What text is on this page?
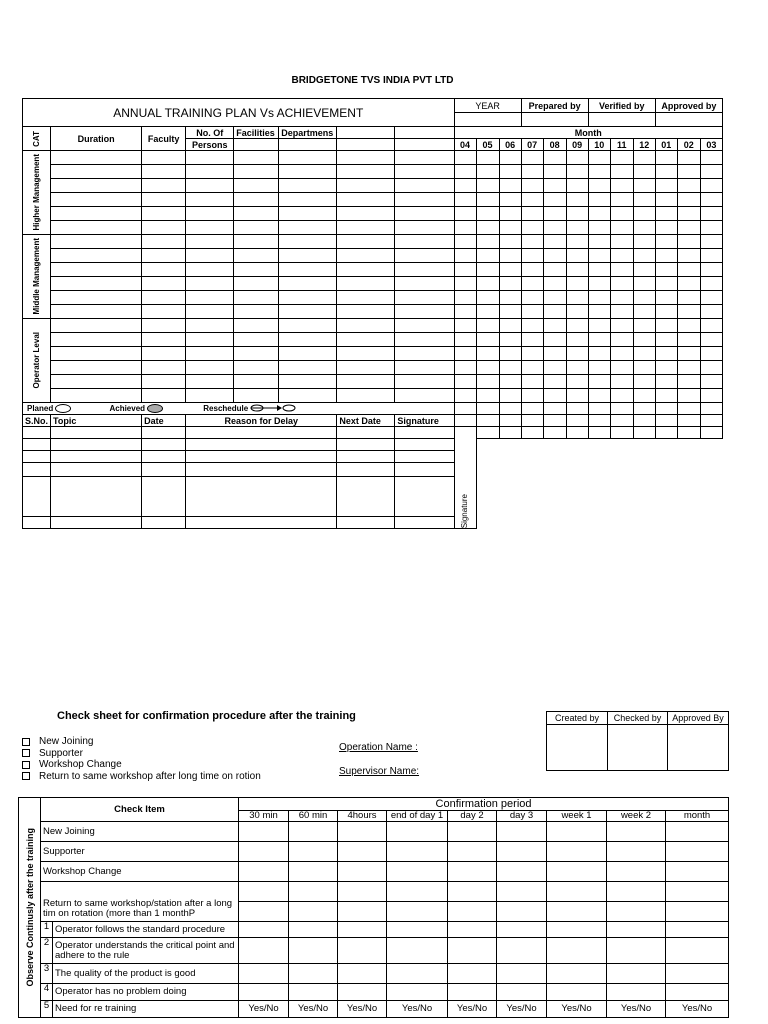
BRIDGETONE TVS INDIA PVT LTD
ANNUAL TRAINING PLAN Vs ACHIEVEMENT								YEAR			Prepared by			Verified by			Approved by		

CAT	Duration	Faculty	No. Of	Facilities	Departmens			Month											
			Persons					04	05	06	07	08	09	10	11	12	01	02	03

Higher Management																			

Middle Management																			

Operator Leval																			

Planed Achieved Reschedule																			
S.No.	Topic	Date	Reason for Delay			Next Date	Signature												

								Signature											

Check sheet for confirmation procedure after the training	Created by	Checked by	Approved By

New Joining
Supporter
Workshop Change
Return to same workshop after long time on rotion
Operation Name :
Supervisor Name:
Observe Continusly after the training	Check Item		Confirmation period								
			30 min	60 min	4hours	end of day 1	day 2	day 3	week 1	week 2	month
	New Joining										
	Supporter										
	Workshop Change										
	Return to same workshop/station after a long tim on rotation (more than 1 monthP										

	1	Operator follows the standard procedure									
	2	Operator understands the critical point and adhere to the rule									
	3	The quality of the product is good									
	4	Operator has no problem doing									
	5	Need for re training	Yes/No	Yes/No	Yes/No	Yes/No	Yes/No	Yes/No	Yes/No	Yes/No	Yes/No
